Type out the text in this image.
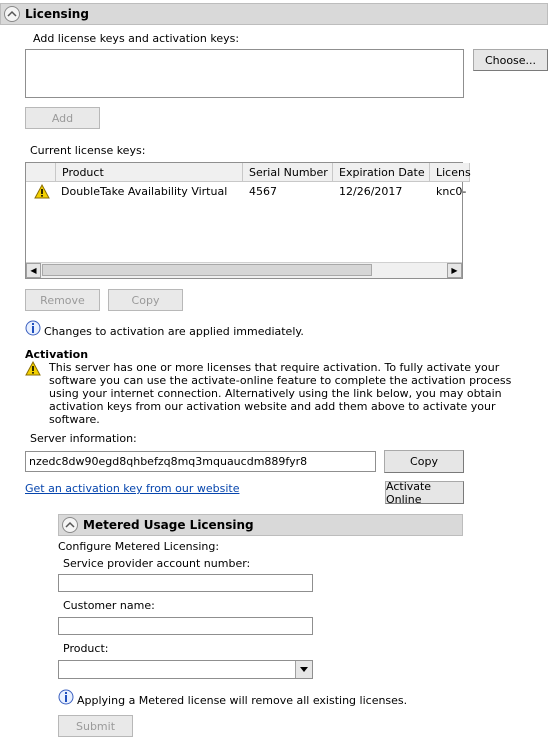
Licensing
Add license keys and activation keys:
Choose...
Add
Current license keys:
Product	Serial Number	Expiration Date	Licens
DoubleTake Availability Virtual 4567	12/26/2017	knc0-
◀	▶
Remove	Copy
Changes to activation are applied immediately.
Activation
This server has one or more licenses that require activation. To fully activate your
software you can use the activate-online feature to complete the activation process
using your internet connection. Alternatively using the link below, you may obtain
activation keys from our activation website and add them above to activate your
software.
Server information:
nzedc8dw90egd8qhbefzq8mq3mquaucdm889fyr8	Copy
Get an activation key from our website	Activate Online
Metered Usage Licensing
Configure Metered Licensing:
Service provider account number:
Customer name:
Product:
Applying a Metered license will remove all existing licenses.
Submit
